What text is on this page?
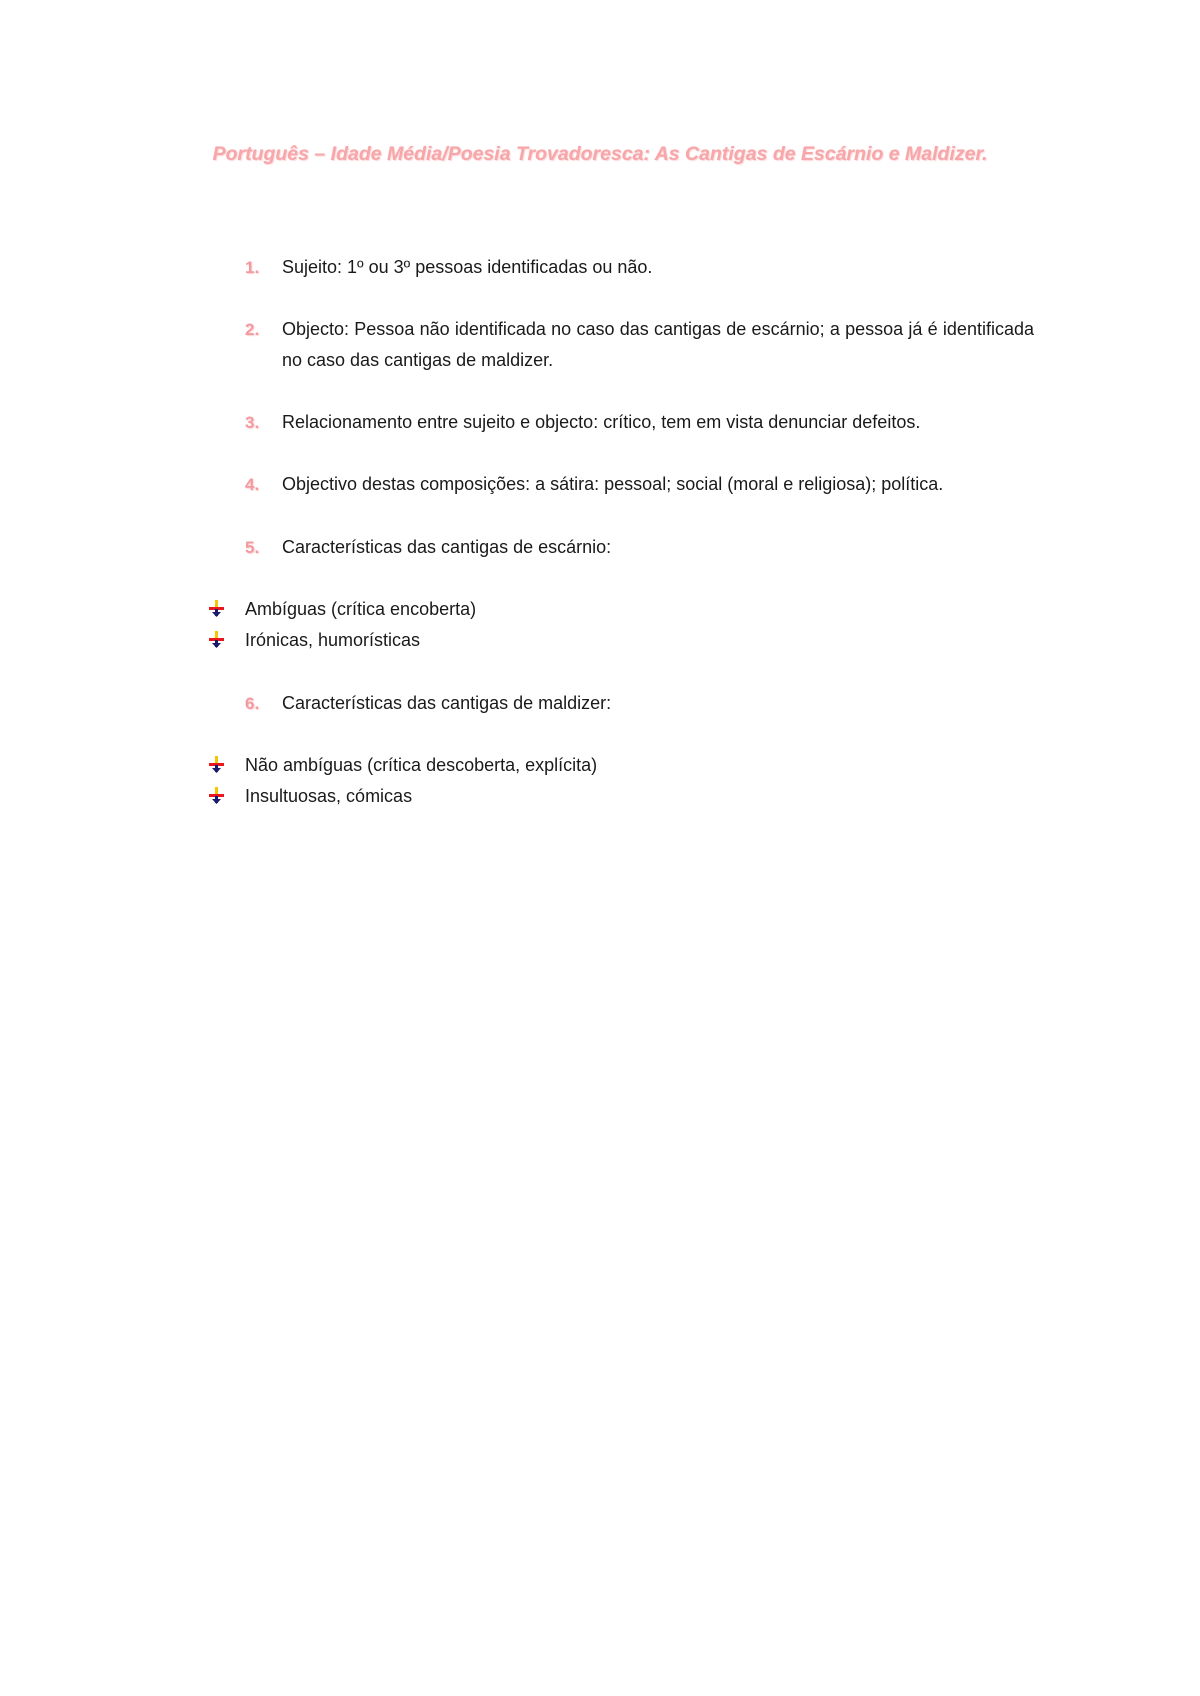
Português – Idade Média/Poesia Trovadoresca: As Cantigas de Escárnio e Maldizer.
1. Sujeito: 1º ou 3º pessoas identificadas ou não.
2. Objecto: Pessoa não identificada no caso das cantigas de escárnio; a pessoa já é identificada no caso das cantigas de maldizer.
3. Relacionamento entre sujeito e objecto: crítico, tem em vista denunciar defeitos.
4. Objectivo destas composições: a sátira: pessoal; social (moral e religiosa); política.
5. Características das cantigas de escárnio:
Ambíguas (crítica encoberta)
Irónicas, humorísticas
6. Características das cantigas de maldizer:
Não ambíguas (crítica descoberta, explícita)
Insultuosas, cómicas
